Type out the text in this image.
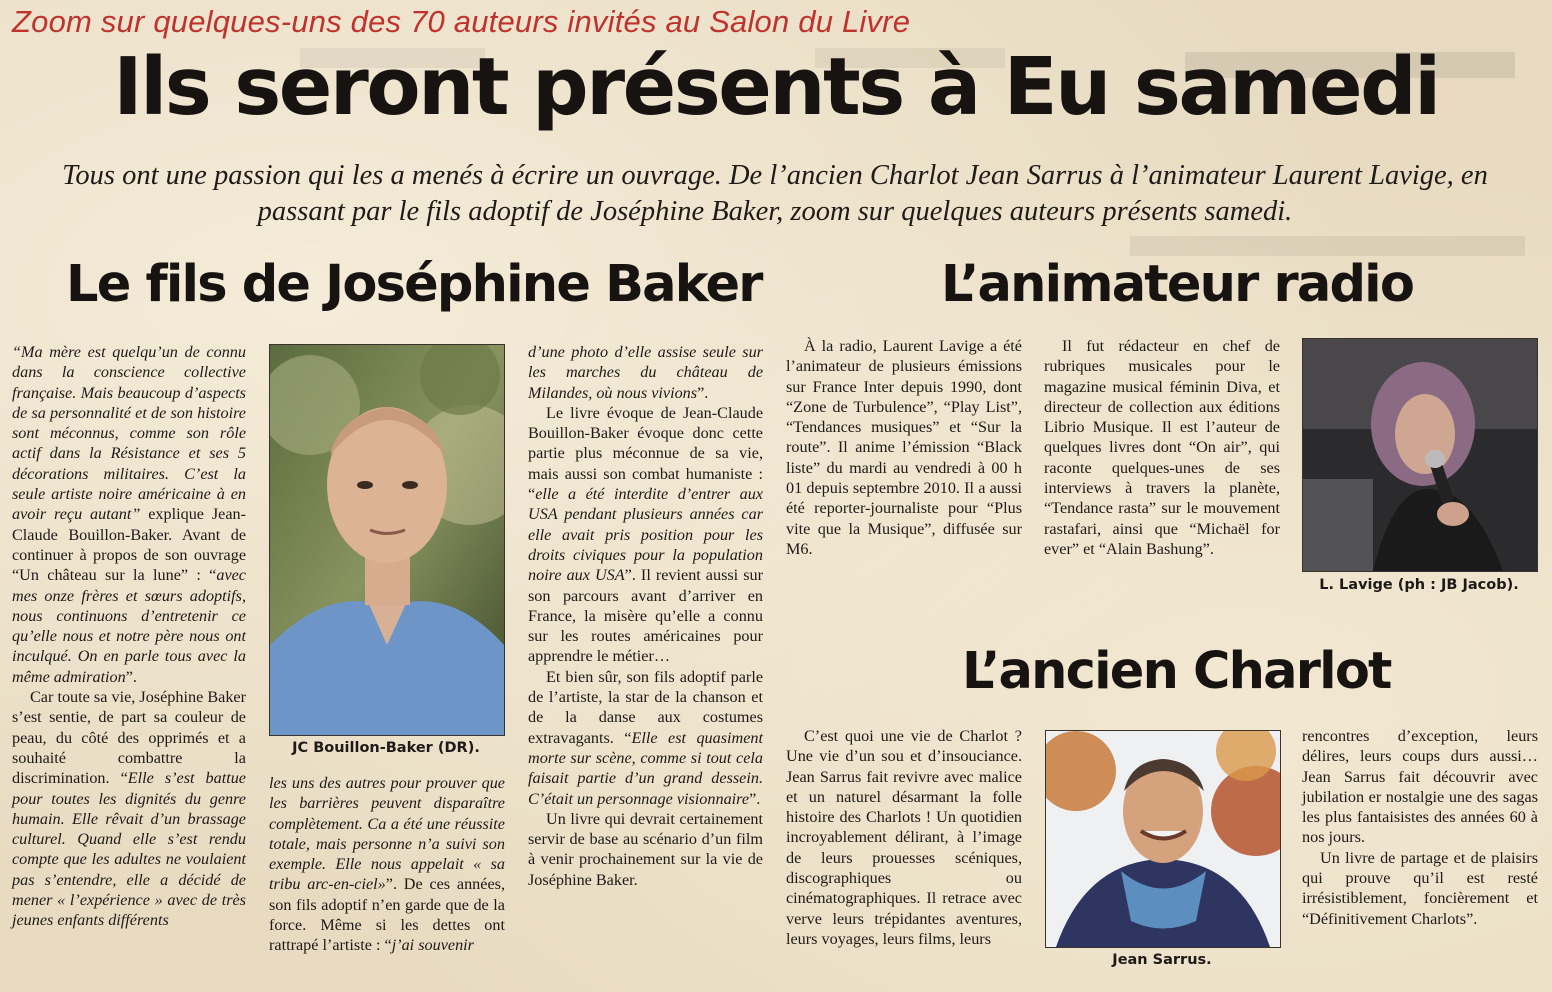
Zoom sur quelques-uns des 70 auteurs invités au Salon du Livre
Ils seront présents à Eu samedi
Tous ont une passion qui les a menés à écrire un ouvrage. De l’ancien Charlot Jean Sarrus à l’animateur Laurent Lavige, en passant par le fils adoptif de Joséphine Baker, zoom sur quelques auteurs présents samedi.
Le fils de Joséphine Baker

“Ma mère est quelqu’un de connu dans la conscience collective française. Mais beaucoup d’aspects de sa personnalité et de son histoire sont méconnus, comme son rôle actif dans la Résistance et ses 5 décorations militaires. C’est la seule artiste noire américaine à en avoir reçu autant” explique Jean-Claude Bouillon-Baker. Avant de continuer à propos de son ouvrage “Un château sur la lune” : “avec mes onze frères et sœurs adoptifs, nous continuons d’entretenir ce qu’elle nous et notre père nous ont inculqué. On en parle tous avec la même admiration”.

Car toute sa vie, Joséphine Baker s’est sentie, de part sa couleur de peau, du côté des opprimés et a souhaité combattre la discrimination. “Elle s’est battue pour toutes les dignités du genre humain. Elle rêvait d’un brassage culturel. Quand elle s’est rendu compte que les adultes ne voulaient pas s’entendre, elle a décidé de mener « l’expérience » avec de très jeunes enfants différents

JC Bouillon-Baker (DR).

les uns des autres pour prouver que les barrières peuvent disparaître complètement. Ca a été une réussite totale, mais personne n’a suivi son exemple. Elle nous appelait « sa tribu arc-en-ciel»”. De ces années, son fils adoptif n’en garde que de la force. Même si les dettes ont rattrapé l’artiste : “j’ai souvenir

d’une photo d’elle assise seule sur les marches du château de Milandes, où nous vivions”.

Le livre évoque de Jean-Claude Bouillon-Baker évoque donc cette partie plus méconnue de sa vie, mais aussi son combat humaniste : “elle a été interdite d’entrer aux USA pendant plusieurs années car elle avait pris position pour les droits civiques pour la population noire aux USA”. Il revient aussi sur son parcours avant d’arriver en France, la misère qu’elle a connu sur les routes américaines pour apprendre le métier…

Et bien sûr, son fils adoptif parle de l’artiste, la star de la chanson et de la danse aux costumes extravagants. “Elle est quasiment morte sur scène, comme si tout cela faisait partie d’un grand dessein. C’était un personnage visionnaire”.

Un livre qui devrait certainement servir de base au scénario d’un film à venir prochainement sur la vie de Joséphine Baker.

L’animateur radio

À la radio, Laurent Lavige a été l’animateur de plusieurs émissions sur France Inter depuis 1990, dont “Zone de Turbulence”, “Play List”, “Tendances musiques” et “Sur la route”. Il anime l’émission “Black liste” du mardi au vendredi à 00 h 01 depuis septembre 2010. Il a aussi été reporter-journaliste pour “Plus vite que la Musique”, diffusée sur M6.

Il fut rédacteur en chef de rubriques musicales pour le magazine musical féminin Diva, et directeur de collection aux éditions Librio Musique. Il est l’auteur de quelques livres dont “On air”, qui raconte quelques-unes de ses interviews à travers la planète, “Tendance rasta” sur le mouvement rastafari, ainsi que “Michaël for ever” et “Alain Bashung”.

L. Lavige (ph : JB Jacob).
L’ancien Charlot

C’est quoi une vie de Charlot ? Une vie d’un sou et d’insouciance. Jean Sarrus fait revivre avec malice et un naturel désarmant la folle histoire des Charlots ! Un quotidien incroyablement délirant, à l’image de leurs prouesses scéniques, discographiques ou cinématographiques. Il retrace avec verve leurs trépidantes aventures, leurs voyages, leurs films, leurs

Jean Sarrus.

rencontres d’exception, leurs délires, leurs coups durs aussi… Jean Sarrus fait découvrir avec jubilation er nostalgie une des sagas les plus fantaisistes des années 60 à nos jours.

Un livre de partage et de plaisirs qui prouve qu’il est resté irrésistiblement, foncièrement et “Définitivement Charlots”.
